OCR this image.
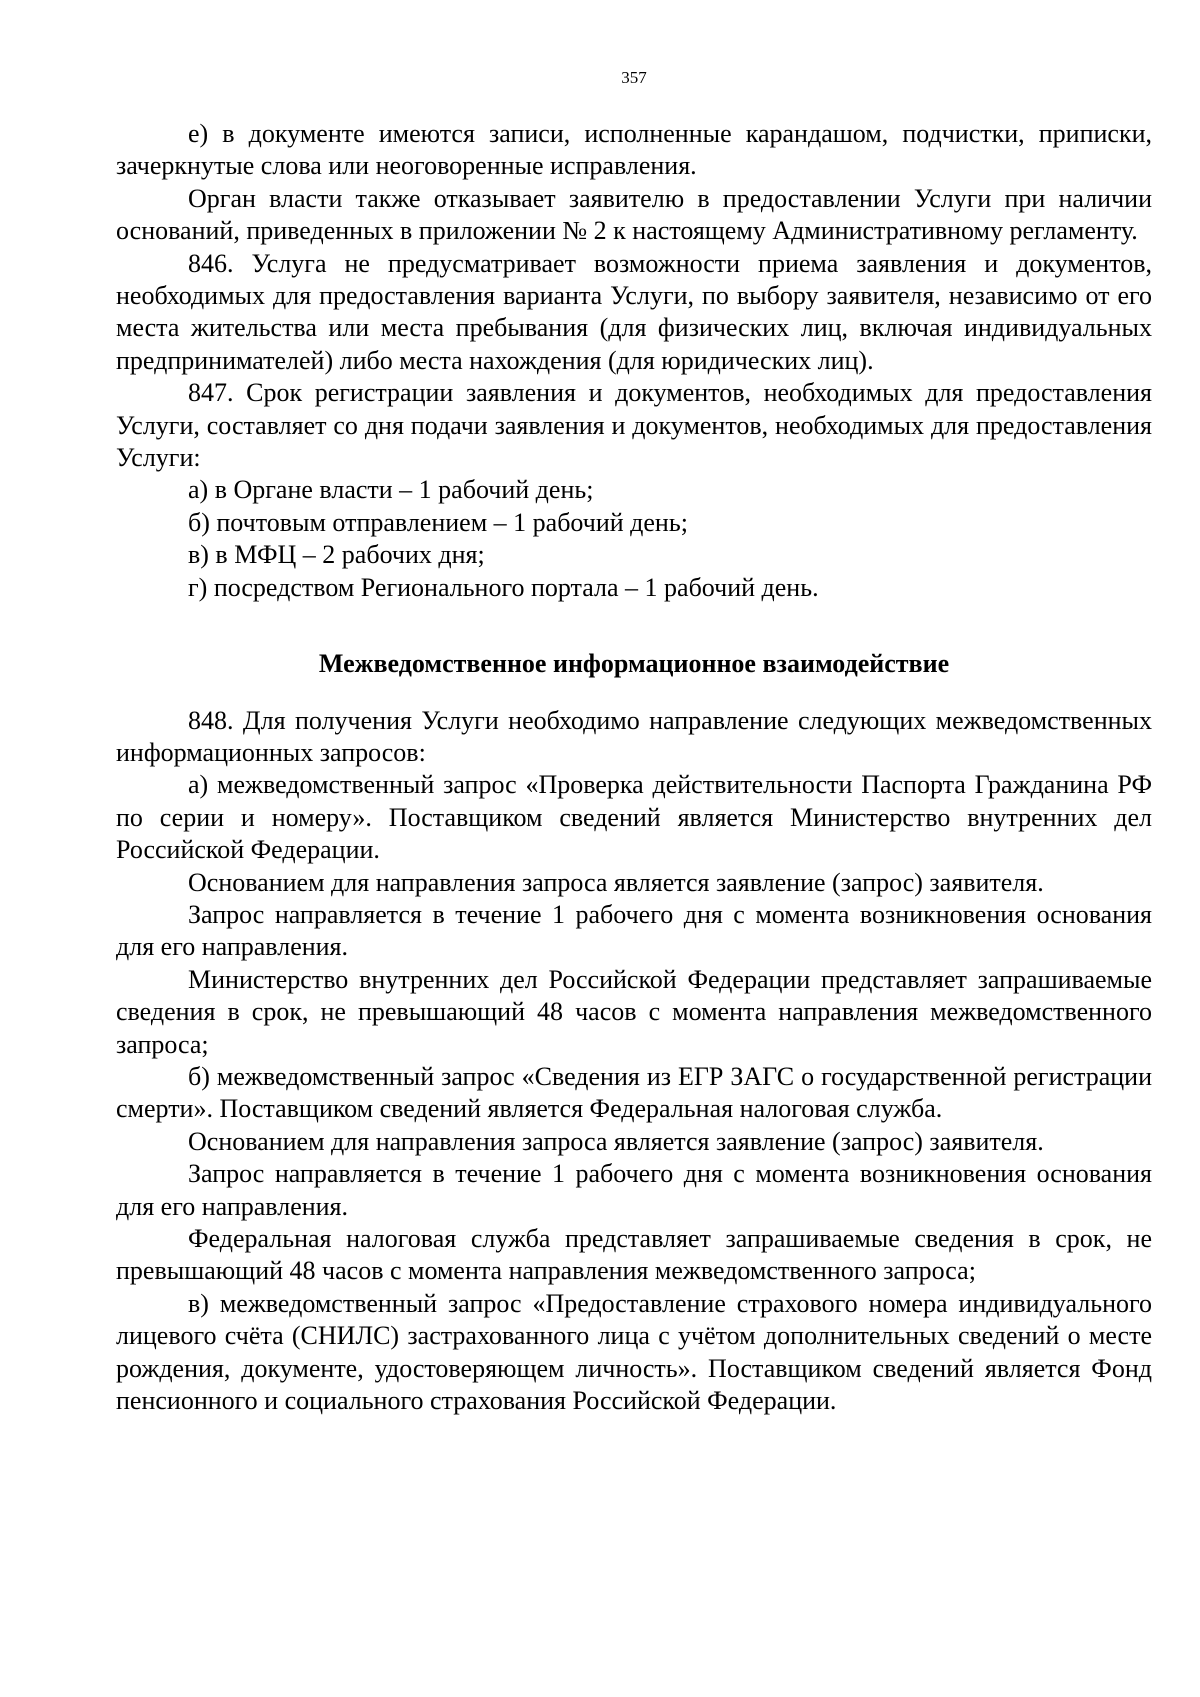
357

е) в документе имеются записи, исполненные карандашом, подчистки, приписки, зачеркнутые слова или неоговоренные исправления.

Орган власти также отказывает заявителю в предоставлении Услуги при наличии оснований, приведенных в приложении № 2 к настоящему Административному регламенту.

846. Услуга не предусматривает возможности приема заявления и документов, необходимых для предоставления варианта Услуги, по выбору заявителя, независимо от его места жительства или места пребывания (для физических лиц, включая индивидуальных предпринимателей) либо места нахождения (для юридических лиц).

847. Срок регистрации заявления и документов, необходимых для предоставления Услуги, составляет со дня подачи заявления и документов, необходимых для предоставления Услуги:

а) в Органе власти – 1 рабочий день;

б) почтовым отправлением – 1 рабочий день;

в) в МФЦ – 2 рабочих дня;

г) посредством Регионального портала – 1 рабочий день.

Межведомственное информационное взаимодействие

848. Для получения Услуги необходимо направление следующих межведомственных информационных запросов:

а) межведомственный запрос «Проверка действительности Паспорта Гражданина РФ по серии и номеру». Поставщиком сведений является Министерство внутренних дел Российской Федерации.

Основанием для направления запроса является заявление (запрос) заявителя.

Запрос направляется в течение 1 рабочего дня с момента возникновения основания для его направления.

Министерство внутренних дел Российской Федерации представляет запрашиваемые сведения в срок, не превышающий 48 часов с момента направления межведомственного запроса;

б) межведомственный запрос «Сведения из ЕГР ЗАГС о государственной регистрации смерти». Поставщиком сведений является Федеральная налоговая служба.

Основанием для направления запроса является заявление (запрос) заявителя.

Запрос направляется в течение 1 рабочего дня с момента возникновения основания для его направления.

Федеральная налоговая служба представляет запрашиваемые сведения в срок, не превышающий 48 часов с момента направления межведомственного запроса;

в) межведомственный запрос «Предоставление страхового номера индивидуального лицевого счёта (СНИЛС) застрахованного лица с учётом дополнительных сведений о месте рождения, документе, удостоверяющем личность». Поставщиком сведений является Фонд пенсионного и социального страхования Российской Федерации.
